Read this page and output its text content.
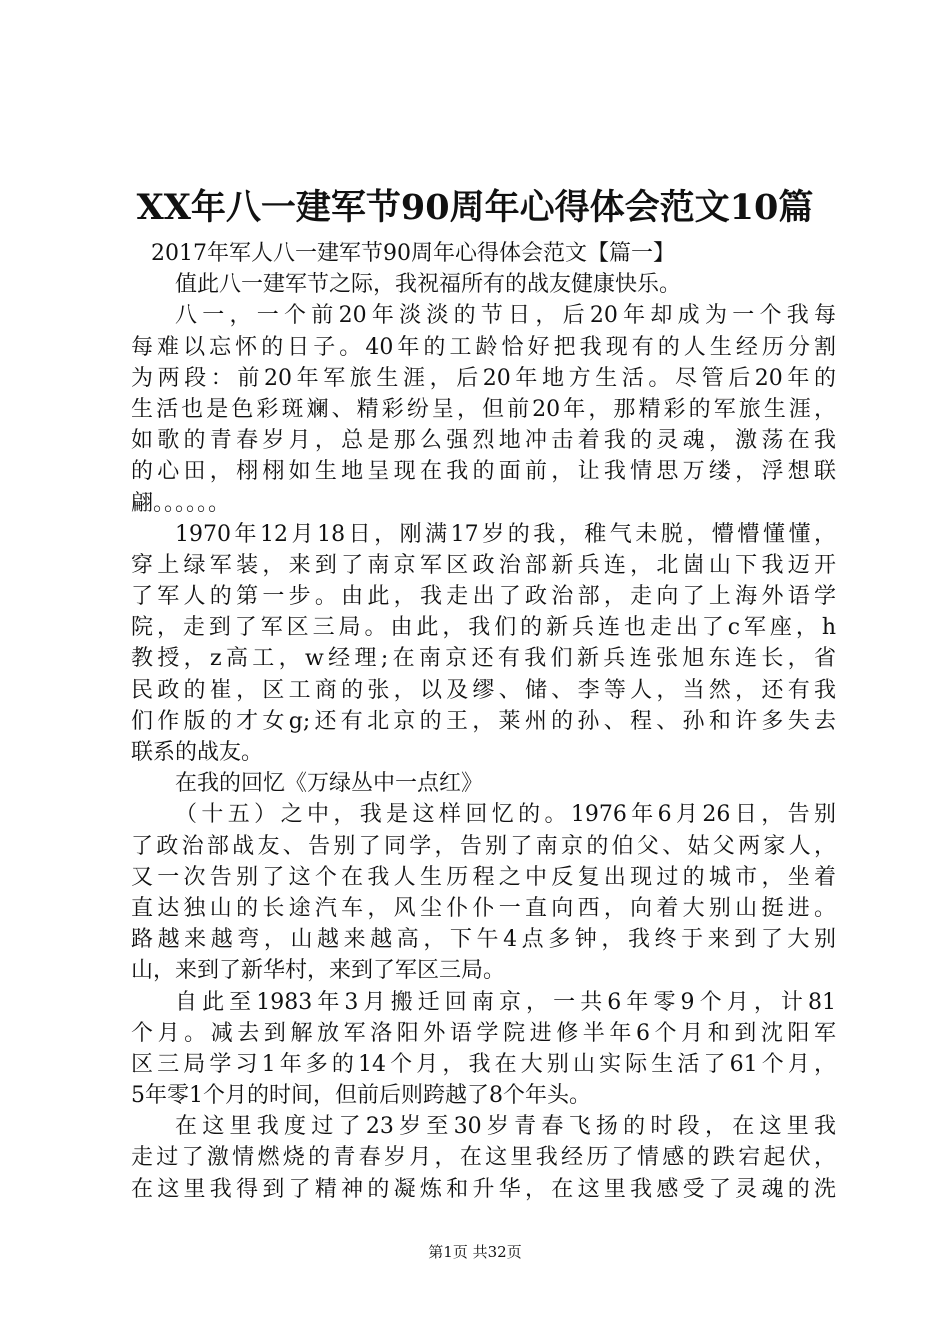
XX年八一建军节90周年心得体会范文10篇
2017年军人八一建军节90周年心得体会范文【篇一】
值此八一建军节之际，我祝福所有的战友健康快乐。
八一，一个前20年淡淡的节日，后20年却成为一个我每
每难以忘怀的日子。40年的工龄恰好把我现有的人生经历分割
为两段：前20年军旅生涯，后20年地方生活。尽管后20年的
生活也是色彩斑斓、精彩纷呈，但前20年，那精彩的军旅生涯，
如歌的青春岁月，总是那么强烈地冲击着我的灵魂，激荡在我
的心田，栩栩如生地呈现在我的面前，让我情思万缕，浮想联
翩。。。。。。
1970年12月18日，刚满17岁的我，稚气未脱，懵懵懂懂，
穿上绿军装，来到了南京军区政治部新兵连，北崮山下我迈开
了军人的第一步。由此，我走出了政治部，走向了上海外语学
院，走到了军区三局。由此，我们的新兵连也走出了c军座，h
教授，z高工，w经理;在南京还有我们新兵连张旭东连长，省
民政的崔，区工商的张，以及缪、储、李等人，当然，还有我
们作版的才女g;还有北京的王，莱州的孙、程、孙和许多失去
联系的战友。
在我的回忆《万绿丛中一点红》
（十五）之中，我是这样回忆的。1976年6月26日，告别
了政治部战友、告别了同学，告别了南京的伯父、姑父两家人，
又一次告别了这个在我人生历程之中反复出现过的城市，坐着
直达独山的长途汽车，风尘仆仆一直向西，向着大别山挺进。
路越来越弯，山越来越高，下午4点多钟，我终于来到了大别
山，来到了新华村，来到了军区三局。
自此至1983年3月搬迁回南京，一共6年零9个月，计81
个月。减去到解放军洛阳外语学院进修半年6个月和到沈阳军
区三局学习1年多的14个月，我在大别山实际生活了61个月，
5年零1个月的时间，但前后则跨越了8个年头。
在这里我度过了23岁至30岁青春飞扬的时段，在这里我
走过了激情燃烧的青春岁月，在这里我经历了情感的跌宕起伏，
在这里我得到了精神的凝炼和升华，在这里我感受了灵魂的洗
第1页 共32页
